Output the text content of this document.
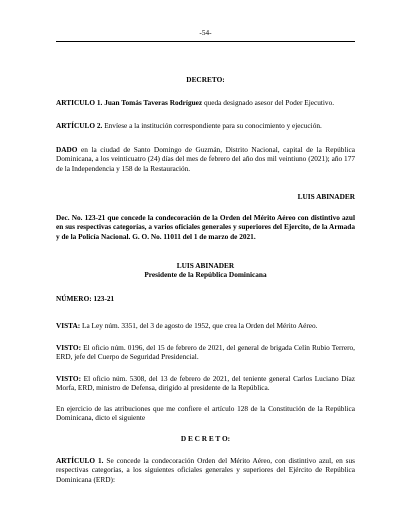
-54-
DECRETO:
ARTICULO 1. Juan Tomás Taveras Rodríguez queda designado asesor del Poder Ejecutivo.
ARTÍCULO 2. Envíese a la institución correspondiente para su conocimiento y ejecución.
DADO en la ciudad de Santo Domingo de Guzmán, Distrito Nacional, capital de la República Dominicana, a los veinticuatro (24) días del mes de febrero del año dos mil veintiuno (2021); año 177 de la Independencia y 158 de la Restauración.
LUIS ABINADER
Dec. No. 123-21 que concede la condecoración de la Orden del Mérito Aéreo con distintivo azul en sus respectivas categorías, a varios oficiales generales y superiores del Ejercito, de la Armada y de la Policía Nacional. G. O. No. 11011 del 1 de marzo de 2021.
LUIS ABINADER
Presidente de la República Dominicana
NÚMERO: 123-21
VISTA: La Ley núm. 3351, del 3 de agosto de 1952, que crea la Orden del Mérito Aéreo.
VISTO: El oficio núm. 0196, del 15 de febrero de 2021, del general de brigada Celín Rubio Terrero, ERD, jefe del Cuerpo de Seguridad Presidencial.
VISTO: El oficio núm. 5308, del 13 de febrero de 2021, del teniente general Carlos Luciano Díaz Morfa, ERD, ministro de Defensa, dirigido al presidente de la República.
En ejercicio de las atribuciones que me confiere el artículo 128 de la Constitución de la República Dominicana, dicto el siguiente
D E C R E T O:
ARTÍCULO 1. Se concede la condecoración Orden del Mérito Aéreo, con distintivo azul, en sus respectivas categorías, a los siguientes oficiales generales y superiores del Ejército de República Dominicana (ERD):
